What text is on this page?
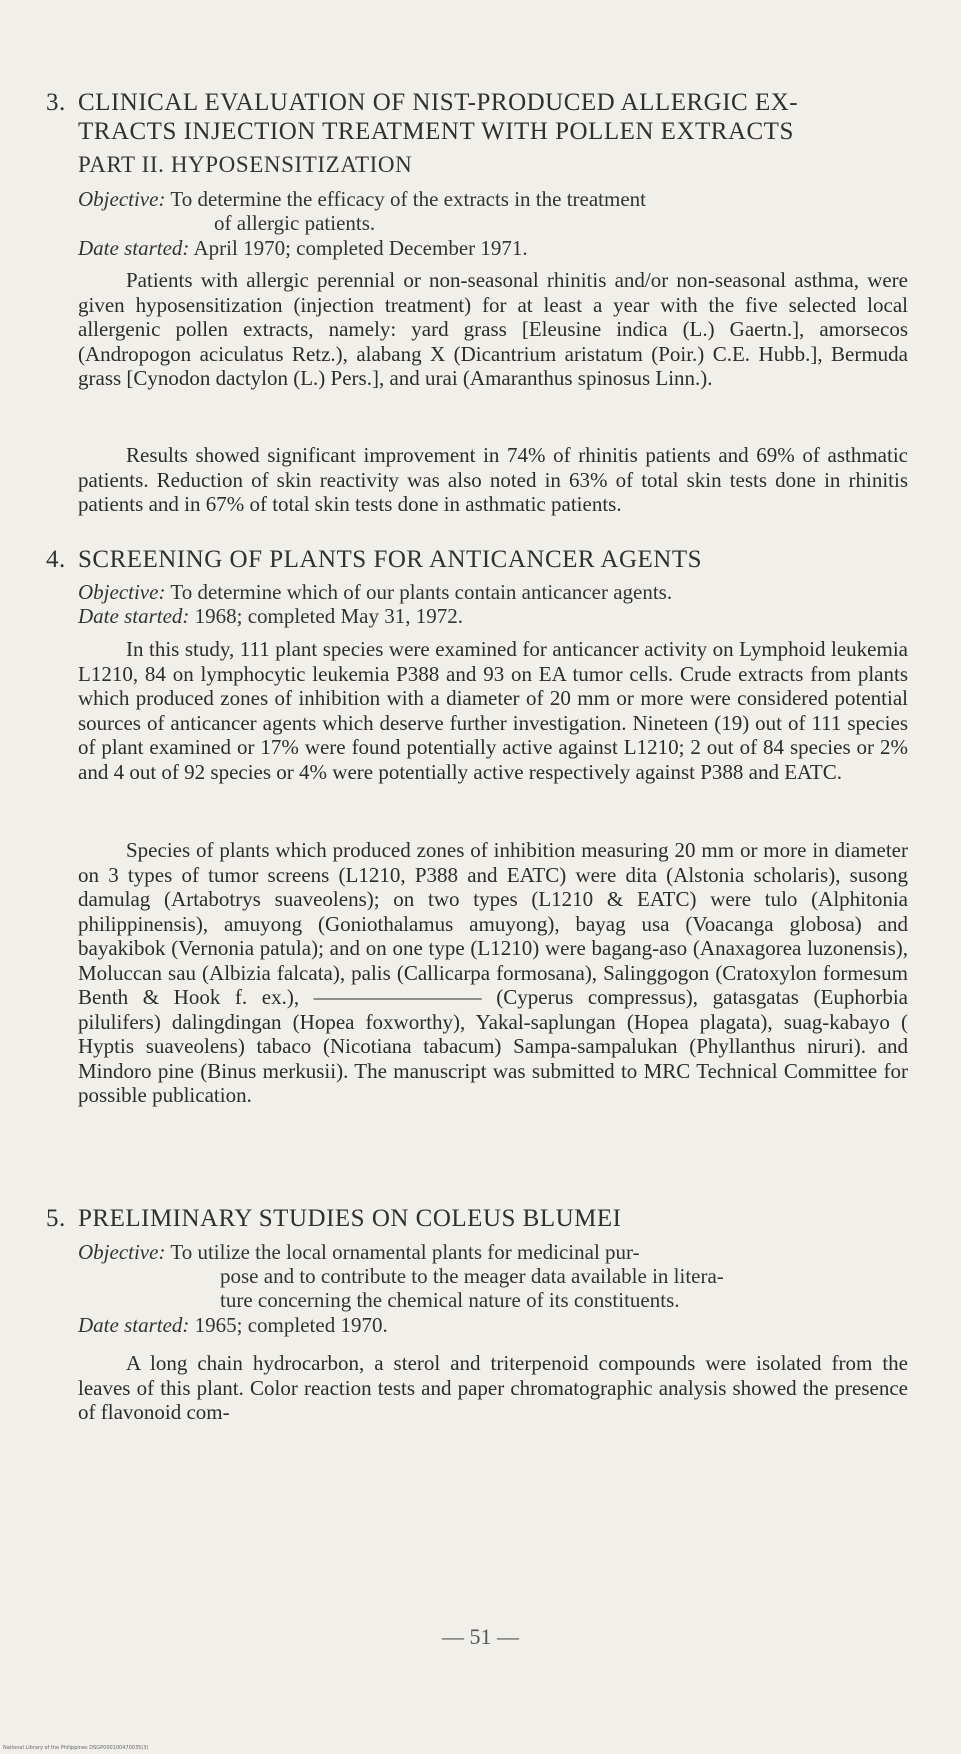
3. CLINICAL EVALUATION OF NIST-PRODUCED ALLERGIC EX-
TRACTS INJECTION TREATMENT WITH POLLEN EXTRACTS
PART II. HYPOSENSITIZATION
Objective: To determine the efficacy of the extracts in the treatment
of allergic patients.
Date started: April 1970; completed December 1971.

Patients with allergic perennial or non-seasonal rhinitis and/or non-seasonal asthma, were given hyposensitization (injection treatment) for at least a year with the five selected local allergenic pollen extracts, namely: yard grass [Eleusine indica (L.) Gaertn.], amorsecos (Andropogon aciculatus Retz.), alabang X (Dicantrium aristatum (Poir.) C.E. Hubb.], Bermuda grass [Cynodon dactylon (L.) Pers.], and urai (Amaranthus spinosus Linn.).

Results showed significant improvement in 74% of rhinitis patients and 69% of asthmatic patients. Reduction of skin reactivity was also noted in 63% of total skin tests done in rhinitis patients and in 67% of total skin tests done in asthmatic patients.

4. SCREENING OF PLANTS FOR ANTICANCER AGENTS
Objective: To determine which of our plants contain anticancer agents.
Date started: 1968; completed May 31, 1972.

In this study, 111 plant species were examined for anticancer activity on Lymphoid leukemia L1210, 84 on lymphocytic leukemia P388 and 93 on EA tumor cells. Crude extracts from plants which produced zones of inhibition with a diameter of 20 mm or more were considered potential sources of anticancer agents which deserve further investigation. Nineteen (19) out of 111 species of plant examined or 17% were found potentially active against L1210; 2 out of 84 species or 2% and 4 out of 92 species or 4% were potentially active respectively against P388 and EATC.

Species of plants which produced zones of inhibition measuring 20 mm or more in diameter on 3 types of tumor screens (L1210, P388 and EATC) were dita (Alstonia scholaris), susong damulag (Artabotrys suaveolens); on two types (L1210 & EATC) were tulo (Alphitonia philippinensis), amuyong (Goniothalamus amuyong), bayag usa (Voacanga globosa) and bayakibok (Vernonia patula); and on one type (L1210) were bagang-aso (Anaxagorea luzonensis), Moluccan sau (Albizia falcata), palis (Callicarpa formosana), Salinggogon (Cratoxylon formesum Benth & Hook f. ex.), ———————— (Cyperus compressus), gatasgatas (Euphorbia pilulifers) dalingdingan (Hopea foxworthy), Yakal-saplungan (Hopea plagata), suag-kabayo ( Hyptis suaveolens) tabaco (Nicotiana tabacum) Sampa-sampalukan (Phyllanthus niruri). and Mindoro pine (Binus merkusii). The manuscript was submitted to MRC Technical Committee for possible publication.

5. PRELIMINARY STUDIES ON COLEUS BLUMEI
Objective: To utilize the local ornamental plants for medicinal pur-
pose and to contribute to the meager data available in litera-
ture concerning the chemical nature of its constituents.
Date started: 1965; completed 1970.

A long chain hydrocarbon, a sterol and triterpenoid compounds were isolated from the leaves of this plant. Color reaction tests and paper chromatographic analysis showed the presence of flavonoid com-

— 51 —
National Library of the Philippines DSGP000100470035(3)
